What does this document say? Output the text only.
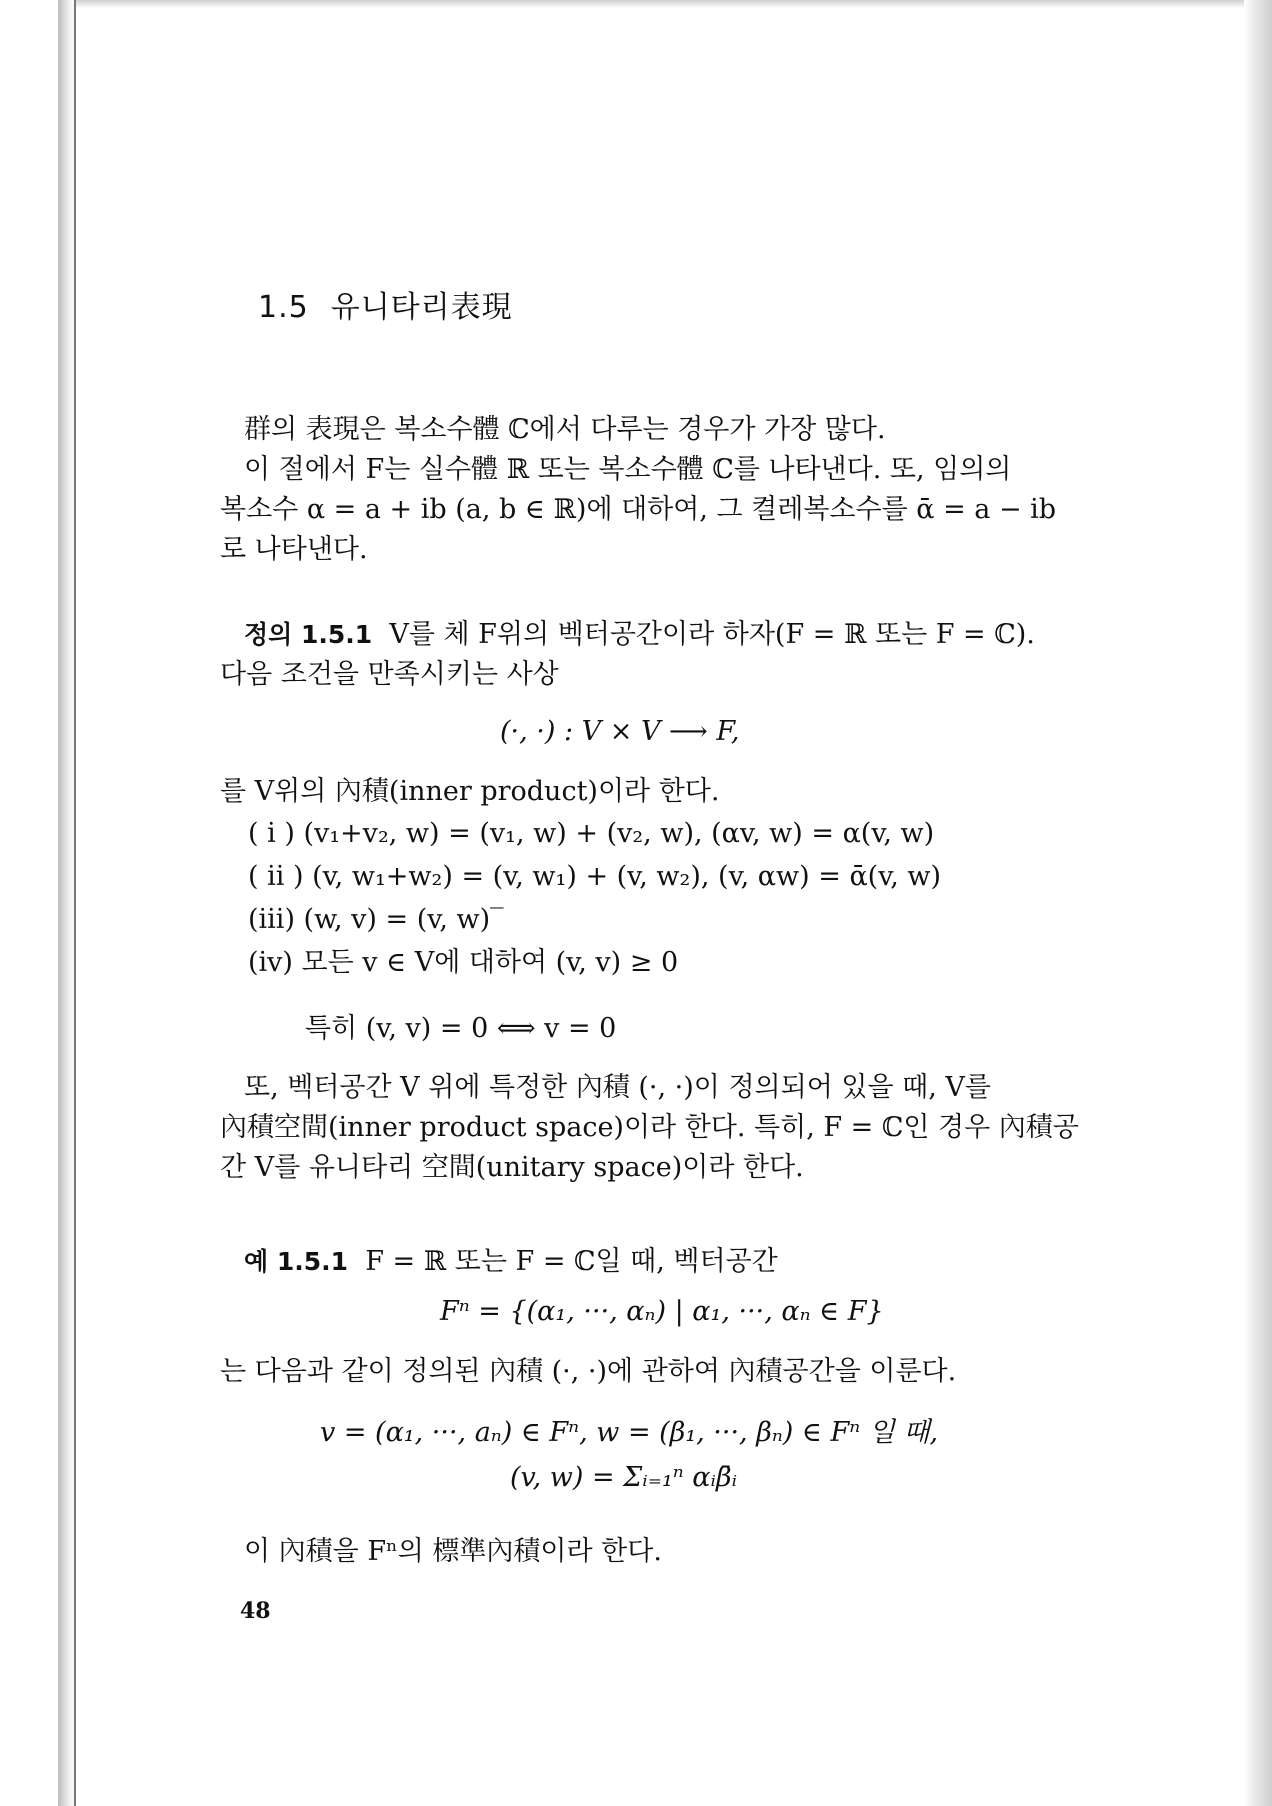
1.5 유니타리表現
群의 表現은 복소수體 ℂ에서 다루는 경우가 가장 많다.
이 절에서 F는 실수體 ℝ 또는 복소수體 ℂ를 나타낸다. 또, 임의의
복소수 α = a + ib (a, b ∈ ℝ)에 대하여, 그 켤레복소수를 ᾱ = a − ib
로 나타낸다.
정의 1.5.1 V를 체 F위의 벡터공간이라 하자(F = ℝ 또는 F = ℂ).
다음 조건을 만족시키는 사상
(·, ·) : V × V ⟶ F,
를 V위의 內積(inner product)이라 한다.
( i ) (v₁+v₂, w) = (v₁, w) + (v₂, w), (αv, w) = α(v, w)
( ii ) (v, w₁+w₂) = (v, w₁) + (v, w₂), (v, αw) = ᾱ(v, w)
(iii) (w, v) = (v, w)‾
(iv) 모든 v ∈ V에 대하여 (v, v) ≥ 0
특히 (v, v) = 0 ⟺ v = 0
또, 벡터공간 V 위에 특정한 內積 (·, ·)이 정의되어 있을 때, V를
內積空間(inner product space)이라 한다. 특히, F = ℂ인 경우 內積공
간 V를 유니타리 空間(unitary space)이라 한다.
예 1.5.1 F = ℝ 또는 F = ℂ일 때, 벡터공간
Fⁿ = {(α₁, ···, αₙ) | α₁, ···, αₙ ∈ F}
는 다음과 같이 정의된 內積 (·, ·)에 관하여 內積공간을 이룬다.
v = (α₁, ···, aₙ) ∈ Fⁿ, w = (β₁, ···, βₙ) ∈ Fⁿ 일 때,
(v, w) = Σᵢ₌₁ⁿ αᵢβ̄ᵢ
이 內積을 Fⁿ의 標準內積이라 한다.
48
